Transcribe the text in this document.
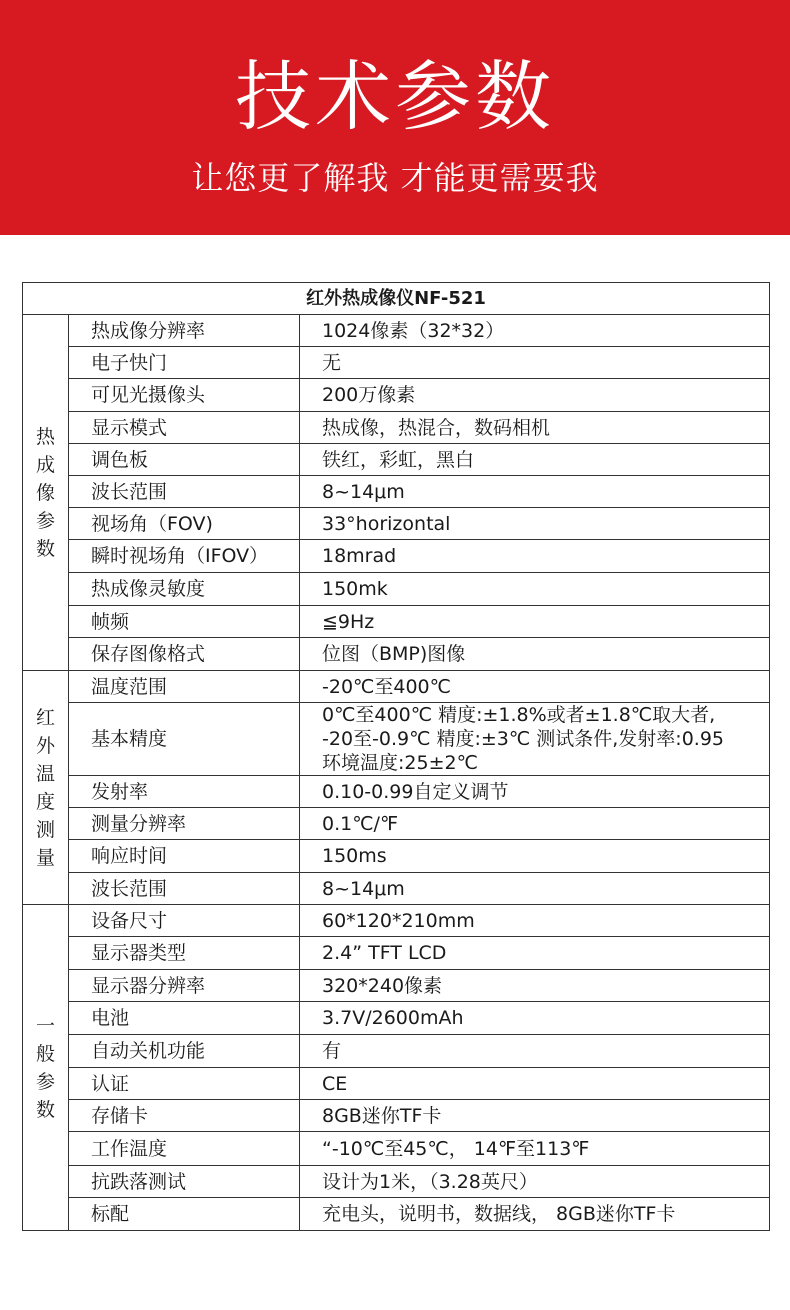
技术参数
让您更了解我 才能更需要我
红外热成像仪NF-521		
热成像参数	热成像分辨率	1024像素（32*32）
	电子快门	无
	可见光摄像头	200万像素
	显示模式	热成像，热混合，数码相机
	调色板	铁红，彩虹，黑白
	波长范围	8~14μm
	视场角（FOV)	33°horizontal
	瞬时视场角（IFOV）	18mrad
	热成像灵敏度	150mk
	帧频	≦9Hz
	保存图像格式	位图（BMP)图像
红外温度测量	温度范围	-20℃至400℃
	基本精度	0℃至400℃ 精度:±1.8%或者±1.8℃取大者,
-20至-0.9℃ 精度:±3℃ 测试条件,发射率:0.95
环境温度:25±2℃

	发射率	0.10-0.99自定义调节
	测量分辨率	0.1℃/℉
	响应时间	150ms
	波长范围	8~14μm
一般参数	设备尺寸	60*120*210mm
	显示器类型	2.4” TFT LCD
	显示器分辨率	320*240像素
	电池	3.7V/2600mAh
	自动关机功能	有
	认证	CE
	存储卡	8GB迷你TF卡
	工作温度	“-10℃至45℃， 14℉至113℉
	抗跌落测试	设计为1米，（3.28英尺）
	标配	充电头，说明书，数据线， 8GB迷你TF卡
